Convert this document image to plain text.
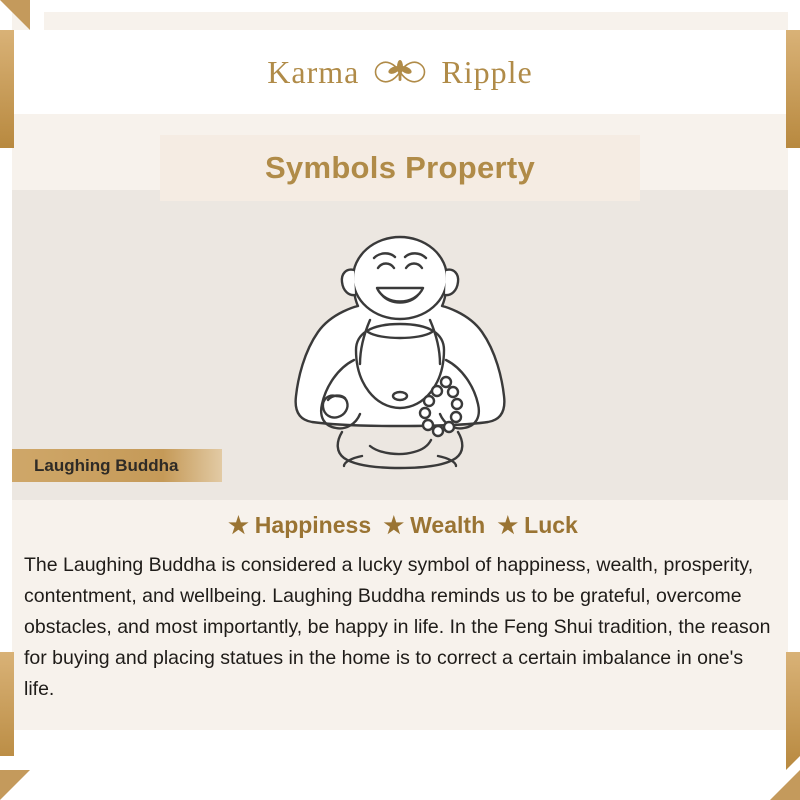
Symbols Property
Karma	Ripple
Laughing Buddha
★ Happiness ★ Wealth ★ Luck
The Laughing Buddha is considered a lucky symbol of happiness, wealth, prosperity, contentment, and wellbeing. Laughing Buddha reminds us to be grateful, overcome obstacles, and most importantly, be happy in life. In the Feng Shui tradition, the reason for buying and placing statues in the home is to correct a certain imbalance in one's life.
